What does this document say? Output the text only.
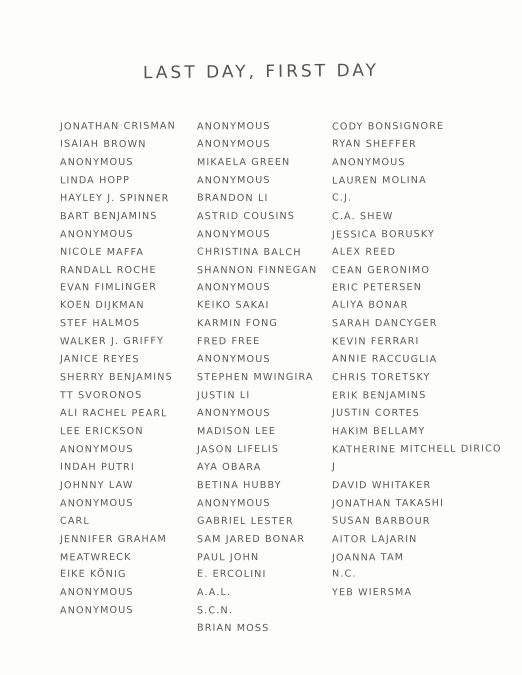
LAST DAY, FIRST DAY
JONATHAN CRISMAN
ISAIAH BROWN
ANONYMOUS
LINDA HOPP
HAYLEY J. SPINNER
BART BENJAMINS
ANONYMOUS
NICOLE MAFFA
RANDALL ROCHE
EVAN FIMLINGER
KOEN DIJKMAN
STEF HALMOS
WALKER J. GRIFFY
JANICE REYES
SHERRY BENJAMINS
TT SVORONOS
ALI RACHEL PEARL
LEE ERICKSON
ANONYMOUS
INDAH PUTRI
JOHNNY LAW
ANONYMOUS
CARL
JENNIFER GRAHAM
MEATWRECK
EIKE KÖNIG
ANONYMOUS
ANONYMOUS
ANONYMOUS
ANONYMOUS
MIKAELA GREEN
ANONYMOUS
BRANDON LI
ASTRID COUSINS
ANONYMOUS
CHRISTINA BALCH
SHANNON FINNEGAN
ANONYMOUS
KEIKO SAKAI
KARMIN FONG
FRED FREE
ANONYMOUS
STEPHEN MWINGIRA
JUSTIN LI
ANONYMOUS
MADISON LEE
JASON LIFELIS
AYA OBARA
BETINA HUBBY
ANONYMOUS
GABRIEL LESTER
SAM JARED BONAR
PAUL JOHN
E. ERCOLINI
A.A.L.
S.C.N.
BRIAN MOSS
CODY BONSIGNORE
RYAN SHEFFER
ANONYMOUS
LAUREN MOLINA
C.J.
C.A. SHEW
JESSICA BORUSKY
ALEX REED
CEAN GERONIMO
ERIC PETERSEN
ALIYA BONAR
SARAH DANCYGER
KEVIN FERRARI
ANNIE RACCUGLIA
CHRIS TORETSKY
ERIK BENJAMINS
JUSTIN CORTES
HAKIM BELLAMY
KATHERINE MITCHELL DIRICO
J
DAVID WHITAKER
JONATHAN TAKASHI
SUSAN BARBOUR
AITOR LAJARIN
JOANNA TAM
N.C.
YEB WIERSMA
